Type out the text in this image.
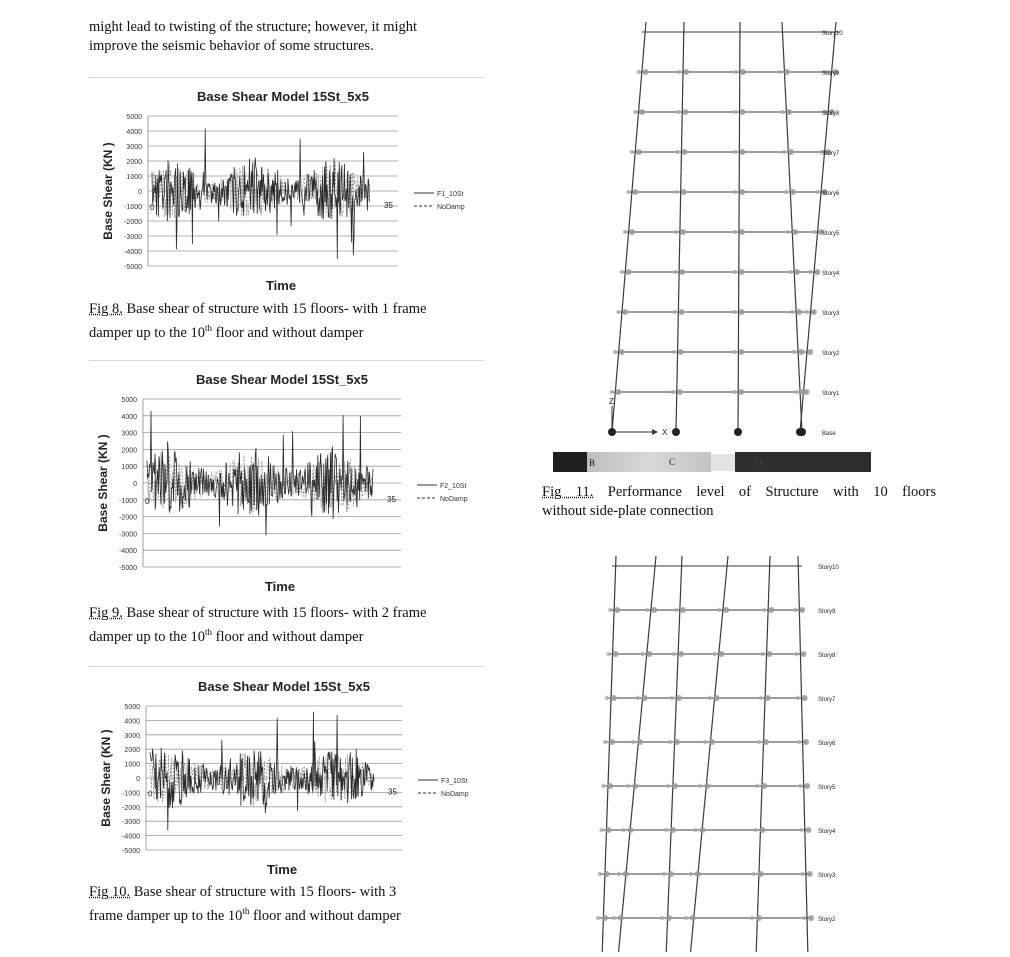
might lead to twisting of the structure; however, it might
improve the seismic behavior of some structures.
Base Shear Model 15St_5x5
Base Shear (KN )
5000
4000
3000
2000
1000
0
-1000
-2000
-3000
-4000
-5000
0	35
Time
F1_10St
NoDamp
Fig 8. Base shear of structure with 15 floors- with 1 frame
damper up to the 10th floor and without damper
Base Shear Model 15St_5x5
Base Shear (KN )
5000
4000
3000
2000
1000
0
-1000
-2000
-3000
-4000
-5000
0	35
Time
F2_10St
NoDamp
Fig 9. Base shear of structure with 15 floors- with 2 frame
damper up to the 10th floor and without damper
Base Shear Model 15St_5x5
Base Shear (KN )
5000
4000
3000
2000
1000
0
-1000
-2000
-3000
-4000
-5000
0	35
Time
F3_10St
NoDamp
Fig 10. Base shear of structure with 15 floors- with 3
frame damper up to the 10th floor and without damper
Story10
Story9
Story8
Story7
Story6
Story5
Story4
Story3
Story2
Story1
Base
X
Z
B	C	D
Fig 11. Performance level of Structure with 10 floors
without side-plate connection
Story10
Story9
Story8
Story7
Story6
Story5
Story4
Story3
Story2
